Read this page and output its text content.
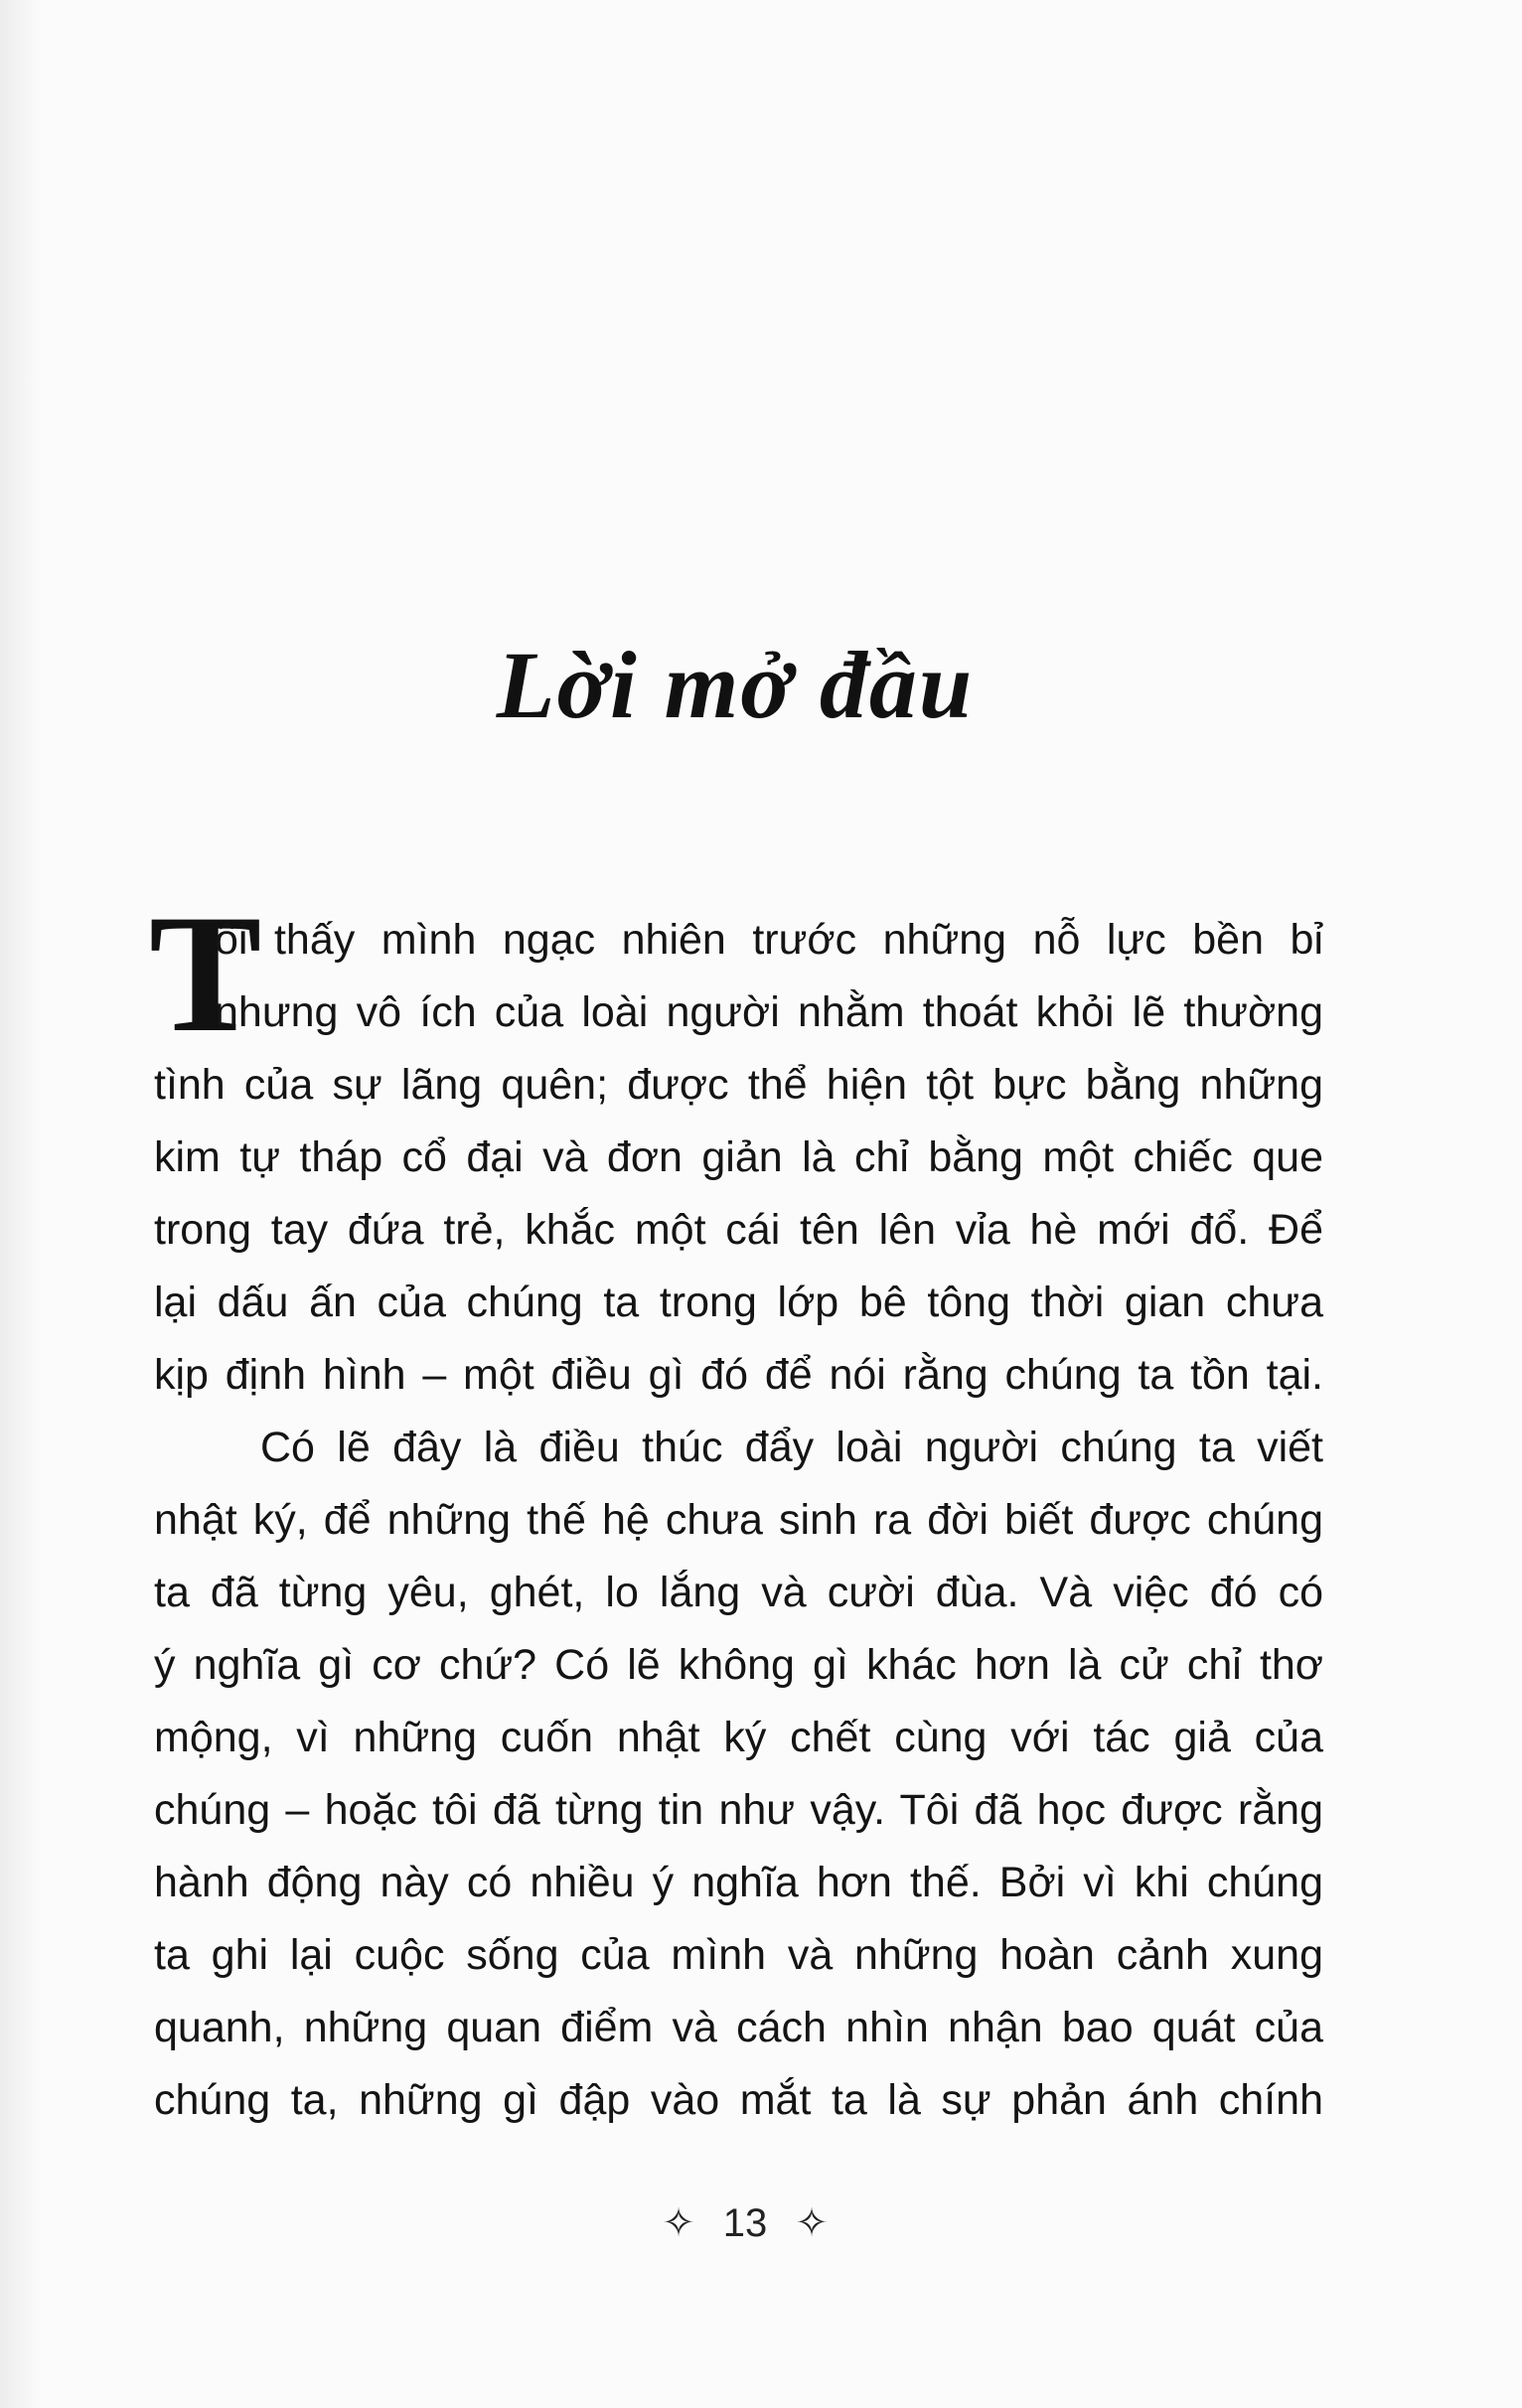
Lời mở đầu
T
ôi thấy mình ngạc nhiên trước những nỗ lực bền bỉ
nhưng vô ích của loài người nhằm thoát khỏi lẽ thường
tình của sự lãng quên; được thể hiện tột bực bằng những
kim tự tháp cổ đại và đơn giản là chỉ bằng một chiếc que
trong tay đứa trẻ, khắc một cái tên lên vỉa hè mới đổ. Để
lại dấu ấn của chúng ta trong lớp bê tông thời gian chưa
kịp định hình – một điều gì đó để nói rằng chúng ta tồn tại.
Có lẽ đây là điều thúc đẩy loài người chúng ta viết
nhật ký, để những thế hệ chưa sinh ra đời biết được chúng
ta đã từng yêu, ghét, lo lắng và cười đùa. Và việc đó có
ý nghĩa gì cơ chứ? Có lẽ không gì khác hơn là cử chỉ thơ
mộng, vì những cuốn nhật ký chết cùng với tác giả của
chúng – hoặc tôi đã từng tin như vậy. Tôi đã học được rằng
hành động này có nhiều ý nghĩa hơn thế. Bởi vì khi chúng
ta ghi lại cuộc sống của mình và những hoàn cảnh xung
quanh, những quan điểm và cách nhìn nhận bao quát của
chúng ta, những gì đập vào mắt ta là sự phản ánh chính
✧ 13 ✧
